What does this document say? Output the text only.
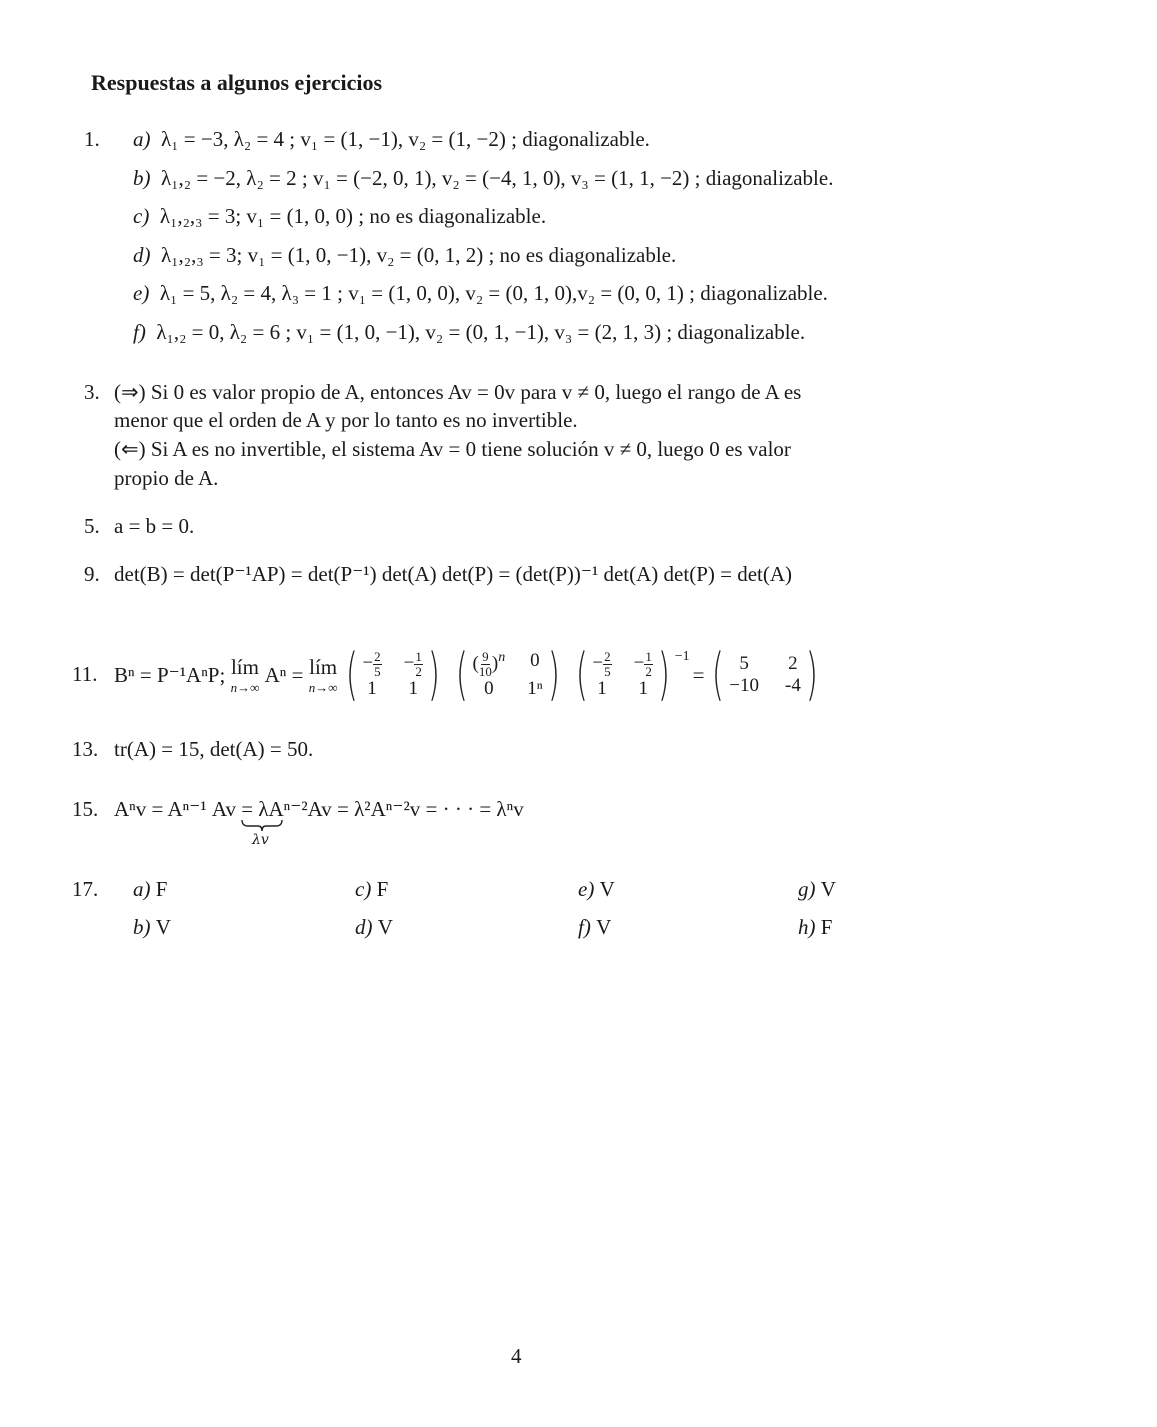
Respuestas a algunos ejercicios
1. a) λ₁ = −3, λ₂ = 4 ; v₁ = (1, −1), v₂ = (1, −2) ; diagonalizable.
b) λ₁,₂ = −2, λ₂ = 2 ; v₁ = (−2, 0, 1), v₂ = (−4, 1, 0), v₃ = (1, 1, −2) ; diagonalizable.
c) λ₁,₂,₃ = 3; v₁ = (1, 0, 0) ; no es diagonalizable.
d) λ₁,₂,₃ = 3; v₁ = (1, 0, −1), v₂ = (0, 1, 2) ; no es diagonalizable.
e) λ₁ = 5, λ₂ = 4, λ₃ = 1 ; v₁ = (1, 0, 0), v₂ = (0, 1, 0),v₂ = (0, 0, 1) ; diagonalizable.
f) λ₁,₂ = 0, λ₂ = 6 ; v₁ = (1, 0, −1), v₂ = (0, 1, −1), v₃ = (2, 1, 3) ; diagonalizable.
3. (⇒) Si 0 es valor propio de A, entonces Av = 0v para v ≠ 0, luego el rango de A es
menor que el orden de A y por lo tanto es no invertible.
(⇐) Si A es no invertible, el sistema Av = 0 tiene solución v ≠ 0, luego 0 es valor
propio de A.
5. a = b = 0.
9. det(B) = det(P⁻¹AP) = det(P⁻¹) det(A) det(P) = (det(P))⁻¹ det(A) det(P) = det(A)
11. Bⁿ = P⁻¹AⁿP;
lím
n→∞

Aⁿ =
lím
n→∞ ( − $\frac{2}{5} - \frac{1}{2}$
1 1 ) ( ( $\frac{9}{10} )^n$ 0
0	1ⁿ ) ( − $\frac{2}{5} - \frac{1}{2}$
1 1 ) −1
= ( 5	2
−10 -4 )
13. tr(A) = 15, det(A) = 50.
15. Aⁿv = Aⁿ⁻¹ Av = λAⁿ⁻²Av = λ²Aⁿ⁻²v = · · · = λⁿv
λv
17. a) F
b) V
c) F
d) V
e) V
f) V
g) V
h) F
4
